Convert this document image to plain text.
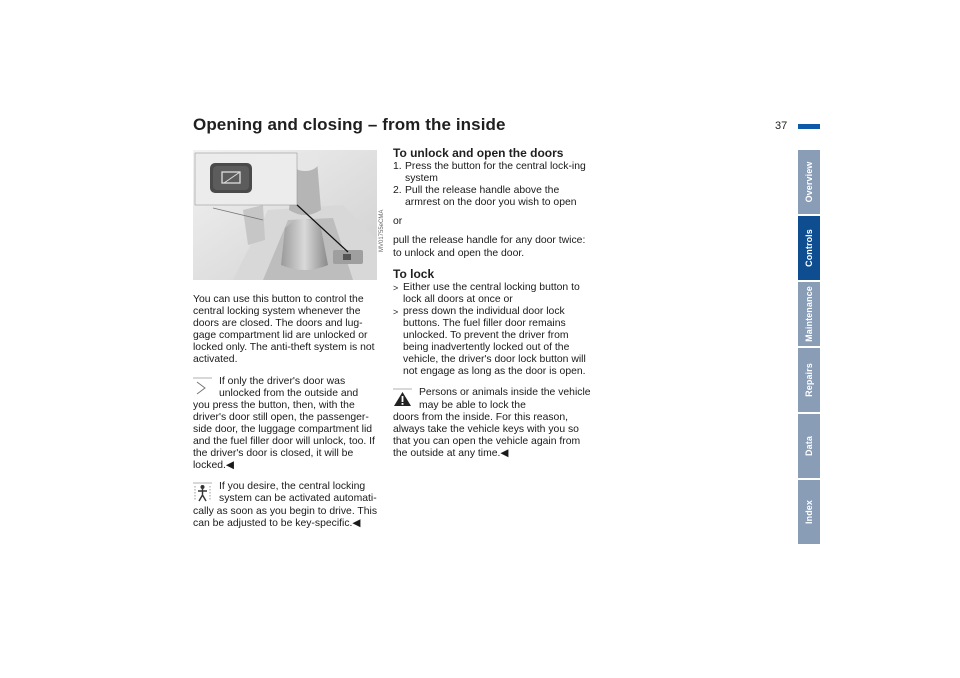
Opening and closing – from the inside	37
Overview
Controls
Maintenance
Repairs
Data
Index
MV01755eCMA

You can use this button to control the central locking system whenever the doors are closed. The doors and lug-gage compartment lid are unlocked or locked only. The anti-theft system is not activated.

If only the driver's door was unlocked from the outside and
you press the button, then, with the driver's door still open, the passenger-side door, the luggage compartment lid and the fuel filler door will unlock, too. If the driver's door is closed, it will be locked.◀
If you desire, the central locking system can be activated automati-
cally as soon as you begin to drive. This can be adjusted to be key-specific.◀
To unlock and open the doors
1. Press the button for the central lock-ing system
2. Pull the release handle above the armrest on the door you wish to open

or

pull the release handle for any door twice: to unlock and open the door.

To lock
> Either use the central locking button to lock all doors at once or
> press down the individual door lock buttons. The fuel filler door remains unlocked. To prevent the driver from being inadvertently locked out of the vehicle, the driver's door lock button will not engage as long as the door is open.
Persons or animals inside the vehicle may be able to lock the
doors from the inside. For this reason, always take the vehicle keys with you so that you can open the vehicle again from the outside at any time.◀
